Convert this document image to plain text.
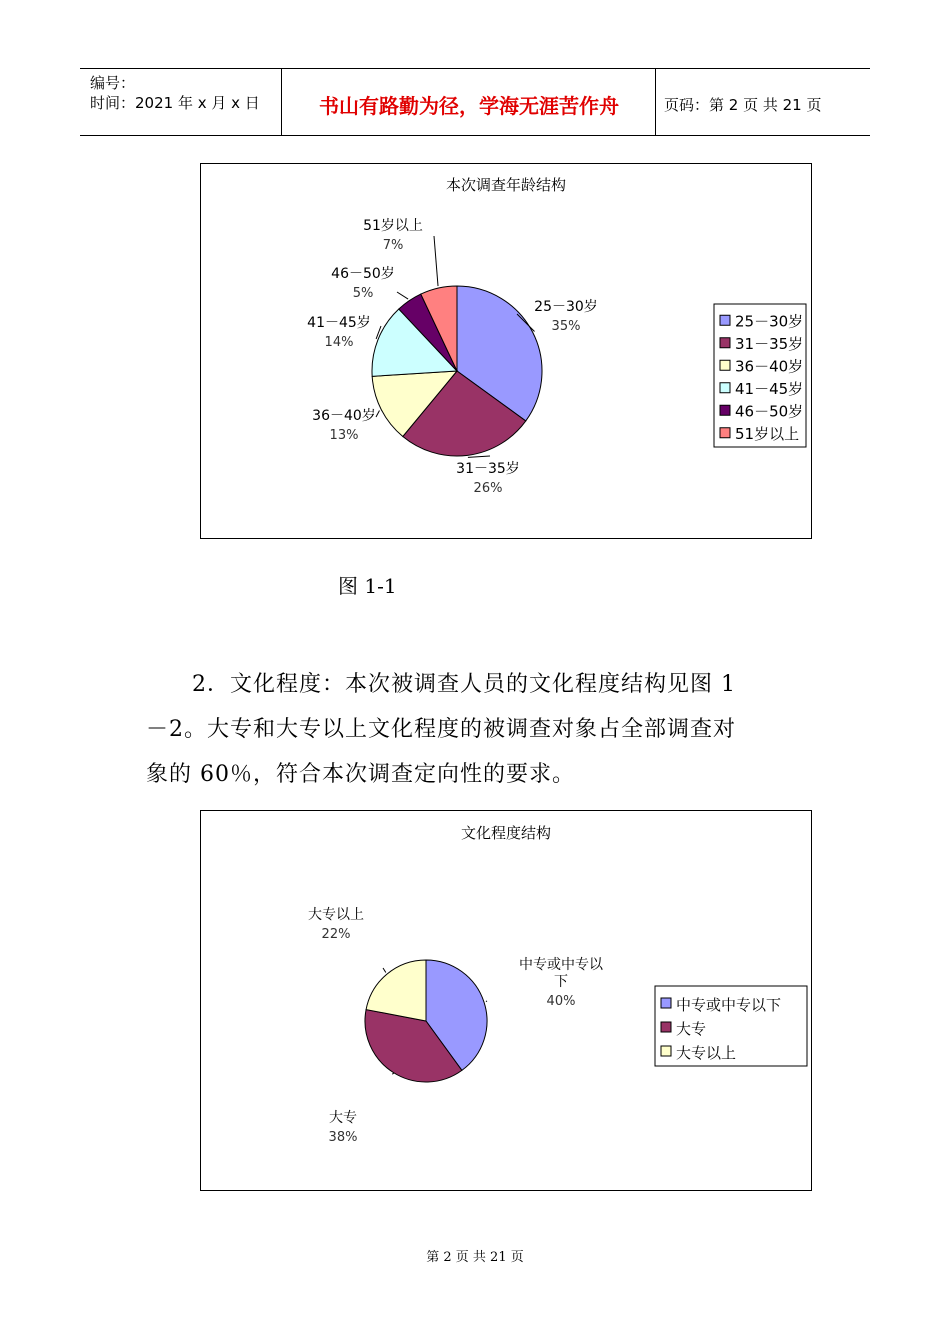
编号：
时间：2021 年 x 月 x 日	书山有路勤为径，学海无涯苦作舟	页码：第 2 页 共 21 页
本次调查年龄结构
25－30岁
35%
31－35岁
26%
36－40岁
13%
41－45岁
14%
46－50岁
5%
51岁以上
7%
25－30岁
31－35岁
36－40岁
41－45岁
46－50岁
51岁以上
图 1-1
2．文化程度：本次被调查人员的文化程度结构见图 1
－2。大专和大专以上文化程度的被调查对象占全部调查对
象的 60％，符合本次调查定向性的要求。
文化程度结构
中专或中专以
下
40%
大专
38%
大专以上
22%
中专或中专以下
大专
大专以上
第 2 页 共 21 页
